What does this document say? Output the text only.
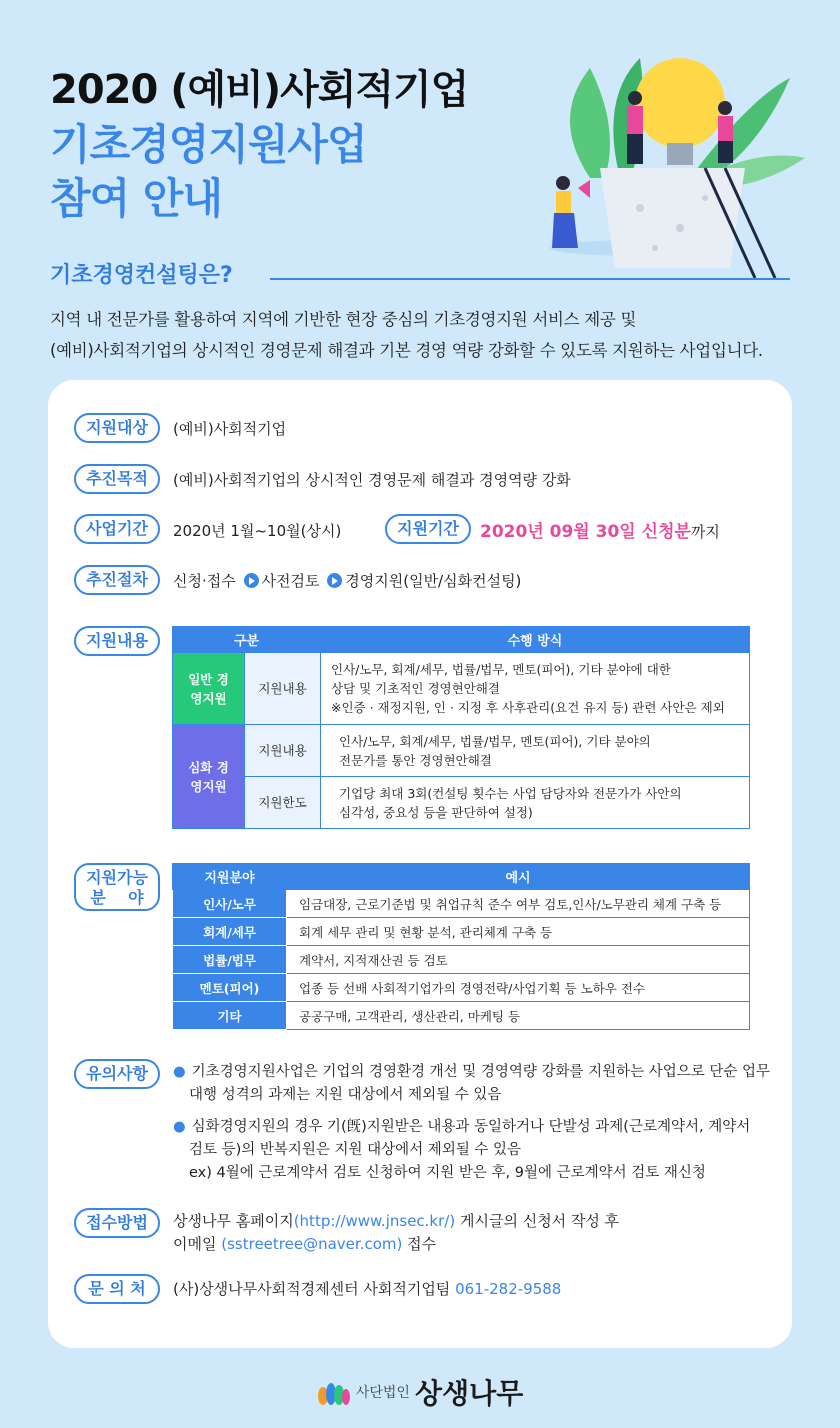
2020 (예비)사회적기업
기초경영지원사업
참여 안내
기초경영컨설팅은?
지역 내 전문가를 활용하여 지역에 기반한 현장 중심의 기초경영지원 서비스 제공 및
(예비)사회적기업의 상시적인 경영문제 해결과 기본 경영 역량 강화할 수 있도록 지원하는 사업입니다.
지원대상	(예비)사회적기업
추진목적	(예비)사회적기업의 상시적인 경영문제 해결과 경영역량 강화
사업기간	2020년 1월~10월(상시)	지원기간	2020년 09월 30일 신청분까지
추진절차	신청·접수 사전검토 경영지원(일반/심화컨설팅)
지원내용	구분		수행 방식
일반 경영지원	지원내용	인사/노무, 회계/세무, 법률/법무, 멘토(피어), 기타 분야에 대한
상담 및 기초적인 경영현안해결
※인증 · 재정지원, 인 · 지정 후 사후관리(요건 유지 등) 관련 사안은 제외

심화 경영지원	지원내용	인사/노무, 회계/세무, 법률/법무, 멘토(피어), 기타 분야의
전문가를 통안 경영현안해결

	지원한도	기업당 최대 3회(컨설팅 횟수는 사업 담당자와 전문가가 사안의
심각성, 중요성 등을 판단하여 설정)
지원가능
분    야
지원분야	예시
인사/노무	임금대장, 근로기준법 및 취업규칙 준수 여부 검토,인사/노무관리 체계 구축 등
회계/세무	회계 세무 관리 및 현황 분석, 관리체계 구축 등
법률/법무	계약서, 지적재산권 등 검토
멘토(피어)	업종 등 선배 사회적기업가의 경영전략/사업기획 등 노하우 전수
기타	공공구매, 고객관리, 생산관리, 마케팅 등
유의사항	● 기초경영지원사업은 기업의 경영환경 개선 및 경영역량 강화를 지원하는 사업으로 단순 업무
대행 성격의 과제는 지원 대상에서 제외될 수 있음
● 심화경영지원의 경우 기(旣)지원받은 내용과 동일하거나 단발성 과제(근로계약서, 계약서
검토 등)의 반복지원은 지원 대상에서 제외될 수 있음
ex) 4월에 근로계약서 검토 신청하여 지원 받은 후, 9월에 근로계약서 검토 재신청
접수방법	상생나무 홈페이지(http://www.jnsec.kr/) 게시글의 신청서 작성 후
이메일 (sstreetree@naver.com) 접수
문 의 처	(사)상생나무사회적경제센터 사회적기업팀 061-282-9588
사단법인 상생나무
